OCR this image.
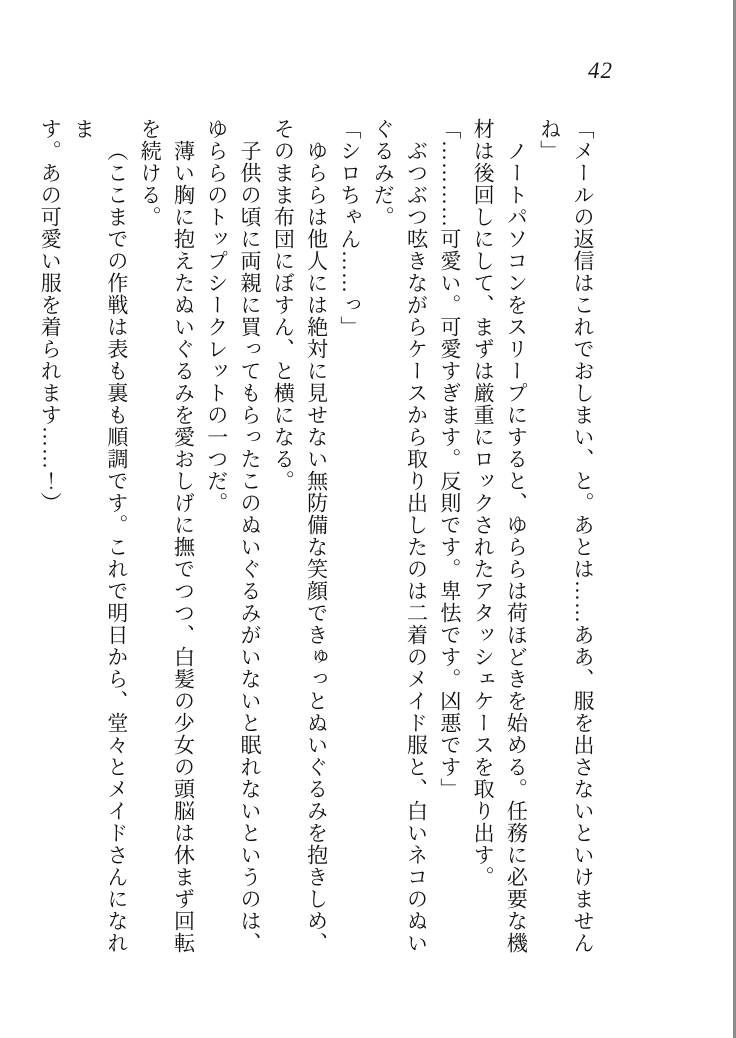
42

「メールの返信はこれでおしまい、と。あとは……ああ、服を出さないといけません

ね」

ノートパソコンをスリープにすると、ゆららは荷ほどきを始める。任務に必要な機

材は後回しにして、まずは厳重にロックされたアタッシェケースを取り出す。

「…………可愛い。可愛すぎます。反則です。卑怯です。凶悪です」

ぶつぶつ呟きながらケースから取り出したのは二着のメイド服と、白いネコのぬい

ぐるみだ。

「シロちゃん……っ」

ゆららは他人には絶対に見せない無防備な笑顔できゅっとぬいぐるみを抱きしめ、

そのまま布団にぼすん、と横になる。

子供の頃に両親に買ってもらったこのぬいぐるみがいないと眠れないというのは、

ゆららのトップシークレットの一つだ。

薄い胸に抱えたぬいぐるみを愛おしげに撫でつつ、白髪の少女の頭脳は休まず回転

を続ける。

（ここまでの作戦は表も裏も順調です。これで明日から、堂々とメイドさんになれま

す。あの可愛い服を着られます……！）
